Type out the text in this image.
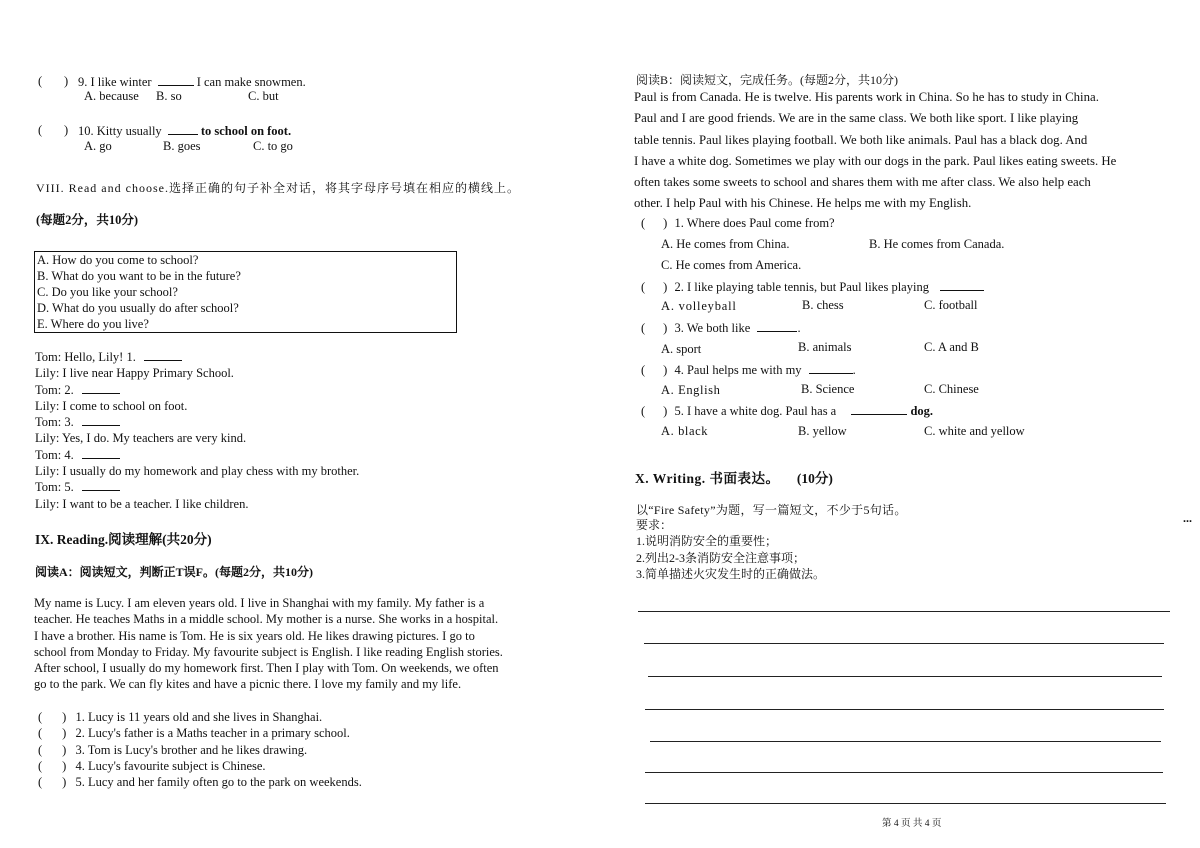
( ) 9. I like winter	I can make snowmen.
A. because B. so	C. but
( ) 10. Kitty usually	to school on foot.
A. go	B. goes	C. to go
VIII. Read and choose.选择正确的句子补全对话，将其字母序号填在相应的横线上。
(每题2分，共10分)
A. How do you come to school?
B. What do you want to be in the future?
C. Do you like your school?
D. What do you usually do after school?
E. Where do you live?
Tom: Hello, Lily! 1.
Lily: I live near Happy Primary School.
Tom: 2.
Lily: I come to school on foot.
Tom: 3.
Lily: Yes, I do. My teachers are very kind.
Tom: 4.
Lily: I usually do my homework and play chess with my brother.
Tom: 5.
Lily: I want to be a teacher. I like children.
IX. Reading.阅读理解(共20分)
阅读A：阅读短文，判断正T误F。(每题2分，共10分)
My name is Lucy. I am eleven years old. I live in Shanghai with my family. My father is a
teacher. He teaches Maths in a middle school. My mother is a nurse. She works in a hospital.
I have a brother. His name is Tom. He is six years old. He likes drawing pictures. I go to
school from Monday to Friday. My favourite subject is English. I like reading English stories.
After school, I usually do my homework first. Then I play with Tom. On weekends, we often
go to the park. We can fly kites and have a picnic there. I love my family and my life.
( ) 1. Lucy is 11 years old and she lives in Shanghai.
( ) 2. Lucy's father is a Maths teacher in a primary school.
( ) 3. Tom is Lucy's brother and he likes drawing.
( ) 4. Lucy's favourite subject is Chinese.
( ) 5. Lucy and her family often go to the park on weekends.
阅读B：阅读短文，完成任务。(每题2分，共10分)
Paul is from Canada. He is twelve. His parents work in China. So he has to study in China.
Paul and I are good friends. We are in the same class. We both like sport. I like playing
table tennis. Paul likes playing football. We both like animals. Paul has a black dog. And
I have a white dog. Sometimes we play with our dogs in the park. Paul likes eating sweets. He
often takes some sweets to school and shares them with me after class. We also help each
other. I help Paul with his Chinese. He helps me with my English.
( ) 1. Where does Paul come from?
A. He comes from China.	B. He comes from Canada.
C. He comes from America.
( ) 2. I like playing table tennis, but Paul likes playing
A. volleyball	B. chess	C. football
( ) 3. We both like	.
A. sport	B. animals	C. A and B
( ) 4. Paul helps me with my	.
A. English	B. Science	C. Chinese
( ) 5. I have a white dog. Paul has a	dog.
A. black	B. yellow	C. white and yellow
X. Writing. 书面表达。 (10分)
以“Fire Safety”为题，写一篇短文，不少于5句话。
要求：
1.说明消防安全的重要性；
2.列出2-3条消防安全注意事项；
3.简单描述火灾发生时的正确做法。
...
第 4 页 共 4 页
